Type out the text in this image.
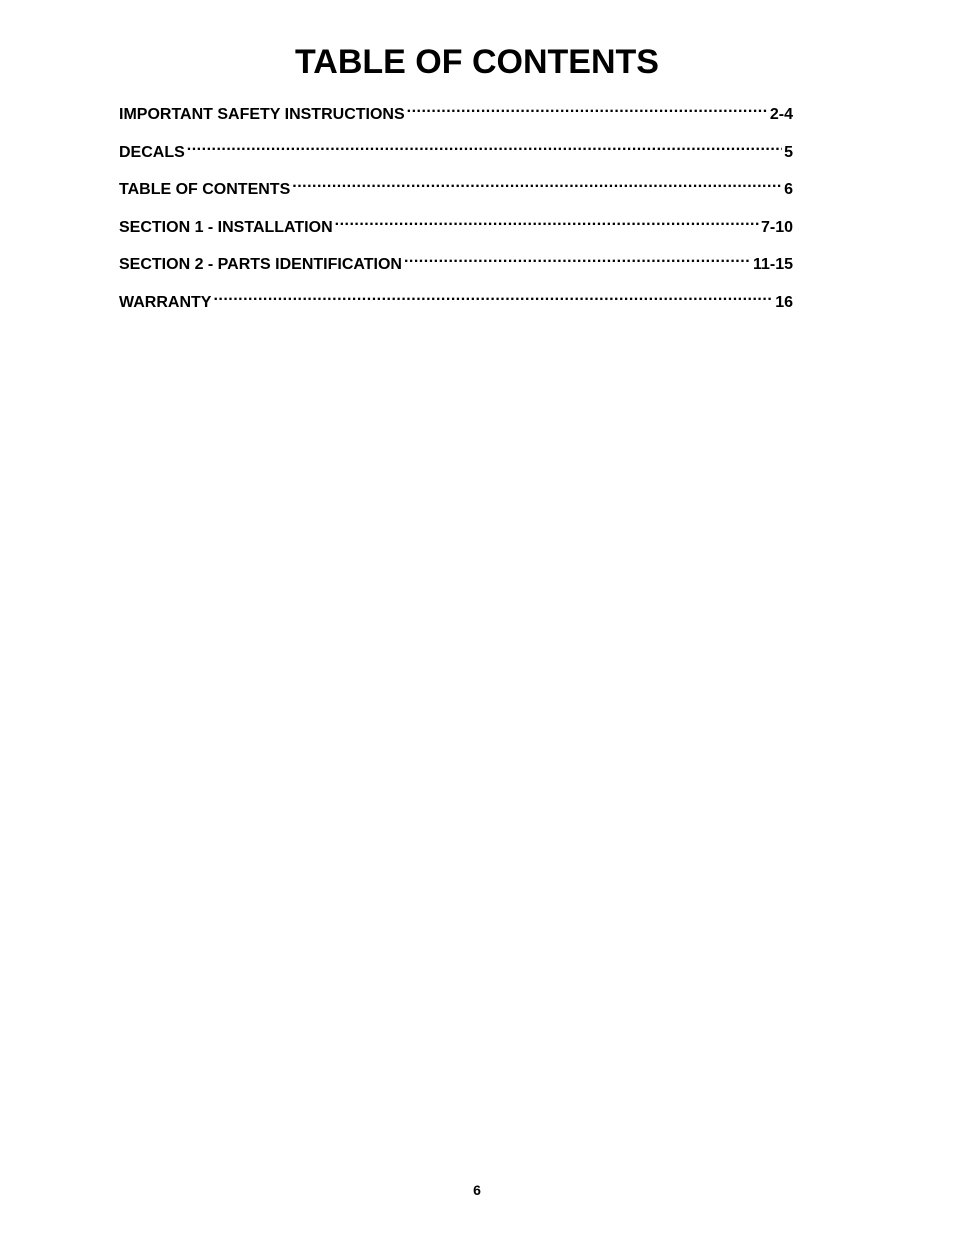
TABLE OF CONTENTS
IMPORTANT SAFETY INSTRUCTIONS .....	2-4
DECALS .....	5
TABLE OF CONTENTS .....	6
SECTION 1 - INSTALLATION .....	7-10
SECTION 2 - PARTS IDENTIFICATION .....	11-15
WARRANTY .....	16
6
